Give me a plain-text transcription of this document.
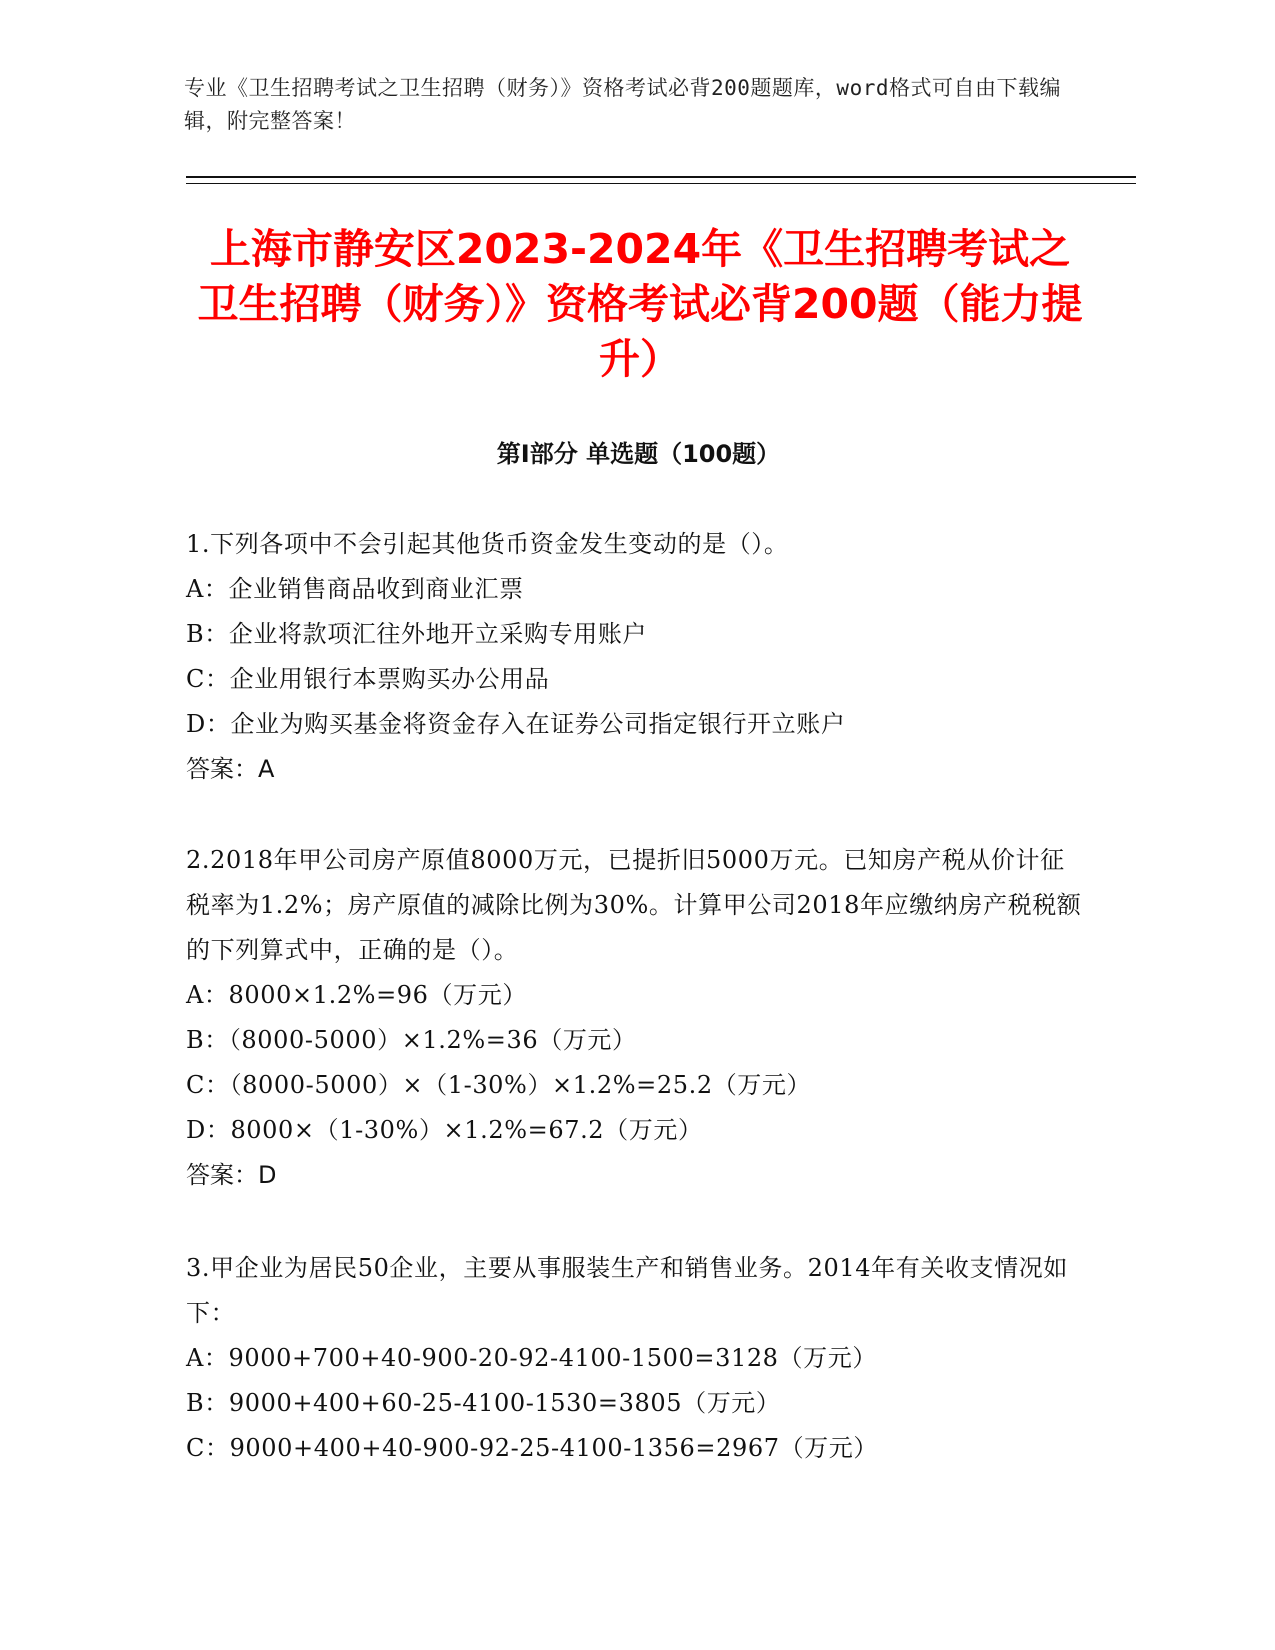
专业《卫生招聘考试之卫生招聘（财务）》资格考试必背200题题库，word格式可自由下载编辑，附完整答案！
上海市静安区2023-2024年《卫生招聘考试之卫生招聘（财务）》资格考试必背200题（能力提升）
第I部分 单选题（100题）
1.下列各项中不会引起其他货币资金发生变动的是（）。
A：企业销售商品收到商业汇票
B：企业将款项汇往外地开立采购专用账户
C：企业用银行本票购买办公用品
D：企业为购买基金将资金存入在证券公司指定银行开立账户
答案：A
2.2018年甲公司房产原值8000万元，已提折旧5000万元。已知房产税从价计征税率为1.2%；房产原值的减除比例为30%。计算甲公司2018年应缴纳房产税税额的下列算式中，正确的是（）。
A：8000×1.2%=96（万元）
B：（8000-5000）×1.2%=36（万元）
C：（8000-5000）×（1-30%）×1.2%=25.2（万元）
D：8000×（1-30%）×1.2%=67.2（万元）
答案：D
3.甲企业为居民50企业，主要从事服装生产和销售业务。2014年有关收支情况如下：
A：9000+700+40-900-20-92-4100-1500=3128（万元）
B：9000+400+60-25-4100-1530=3805（万元）
C：9000+400+40-900-92-25-4100-1356=2967（万元）
